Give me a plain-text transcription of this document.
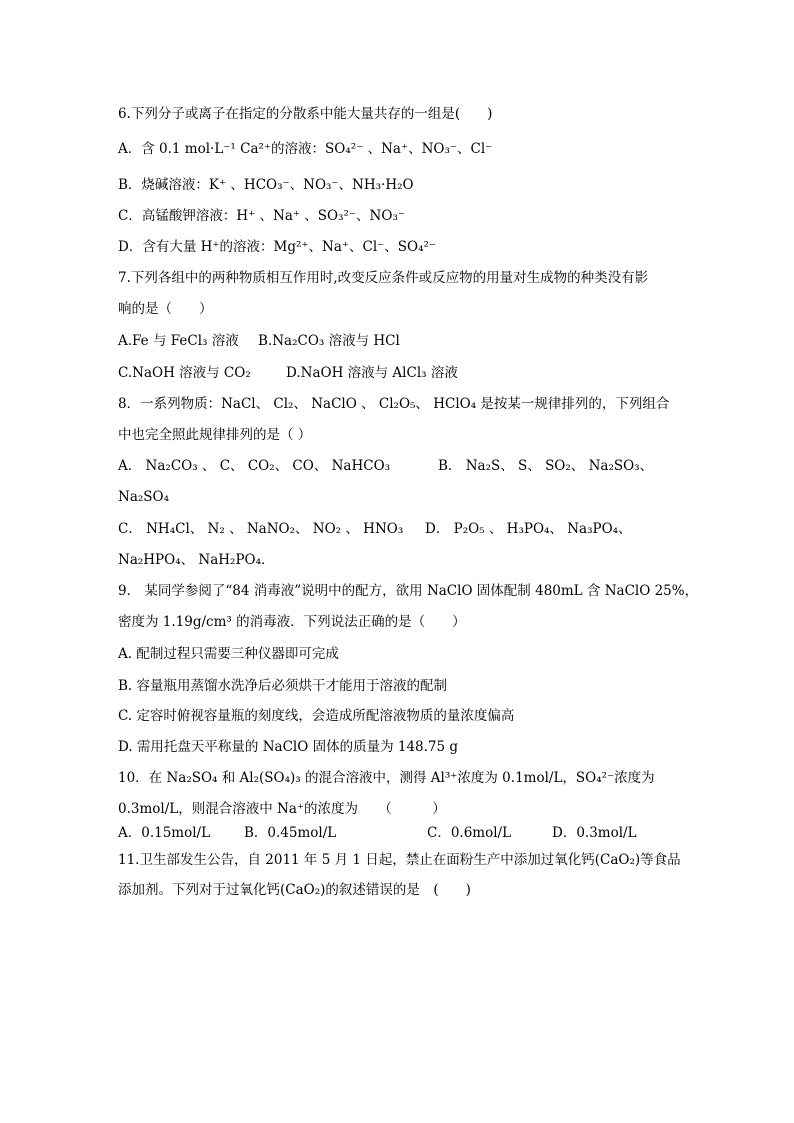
6.下列分子或离子在指定的分散系中能大量共存的一组是(　　)
A．含 0.1 mol·L⁻¹ Ca²⁺的溶液：SO₄²⁻ 、Na⁺、NO₃⁻、Cl⁻
B．烧碱溶液：K⁺ 、HCO₃⁻、NO₃⁻、NH₃·H₂O
C．高锰酸钾溶液：H⁺ 、Na⁺ 、SO₃²⁻、NO₃⁻
D．含有大量 H⁺的溶液：Mg²⁺、Na⁺、Cl⁻、SO₄²⁻
7.下列各组中的两种物质相互作用时,改变反应条件或反应物的用量对生成物的种类没有影
响的是（　　）
A.Fe 与 FeCl₃ 溶液 B.Na₂CO₃ 溶液与 HCl
C.NaOH 溶液与 CO₂	D.NaOH 溶液与 AlCl₃ 溶液
8．一系列物质：NaCl、 Cl₂、 NaClO 、 Cl₂O₅、 HClO₄ 是按某一规律排列的，下列组合
中也完全照此规律排列的是（ ）
A． Na₂CO₃ 、 C、 CO₂、 CO、 NaHCO₃	B． Na₂S、 S、 SO₂、 Na₂SO₃、
Na₂SO₄
C． NH₄Cl、 N₂ 、 NaNO₂、 NO₂ 、 HNO₃ D． P₂O₅ 、 H₃PO₄、 Na₃PO₄、
Na₂HPO₄、 NaH₂PO₄．
9． 某同学参阅了“84 消毒液”说明中的配方，欲用 NaClO 固体配制 480mL 含 NaClO 25%，
密度为 1.19g/cm³ 的消毒液．下列说法正确的是（　　）
A. 配制过程只需要三种仪器即可完成
B. 容量瓶用蒸馏水洗净后必须烘干才能用于溶液的配制
C. 定容时俯视容量瓶的刻度线，会造成所配溶液物质的量浓度偏高
D. 需用托盘天平称量的 NaClO 固体的质量为 148.75 g
10．在 Na₂SO₄ 和 Al₂(SO₄)₃ 的混合溶液中，测得 Al³⁺浓度为 0.1mol/L，SO₄²⁻浓度为
0.3mol/L，则混合溶液中 Na⁺的浓度为　　（　　　）
A．0.15mol/L	B．0.45mol/L	C．0.6mol/L	D．0.3mol/L
11.卫生部发生公告，自 2011 年 5 月 1 日起，禁止在面粉生产中添加过氧化钙(CaO₂)等食品
添加剂。下列对于过氧化钙(CaO₂)的叙述错误的是　(　　)
